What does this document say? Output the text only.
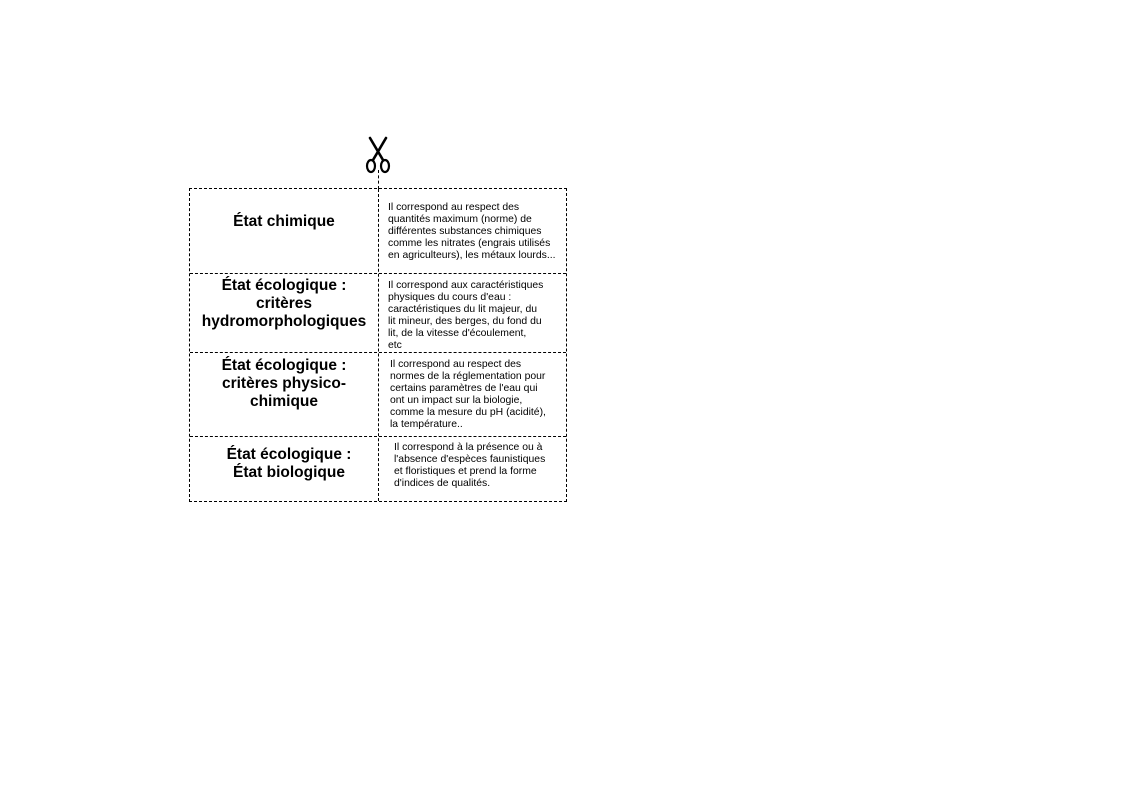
État chimique
Il correspond au respect des
quantités maximum (norme) de
différentes substances chimiques
comme les nitrates (engrais utilisés
en agriculteurs), les métaux lourds...
État écologique :
critères
hydromorphologiques
Il correspond aux caractéristiques
physiques du cours d'eau :
caractéristiques du lit majeur, du
lit mineur, des berges, du fond du
lit, de la vitesse d'écoulement,
etc
État écologique :
critères physico-
chimique
Il correspond au respect des
normes de la réglementation pour
certains paramètres de l'eau qui
ont un impact sur la biologie,
comme la mesure du pH (acidité),
la température..
État écologique :
État biologique
Il correspond à la présence ou à
l'absence d'espèces faunistiques
et floristiques et prend la forme
d'indices de qualités.
